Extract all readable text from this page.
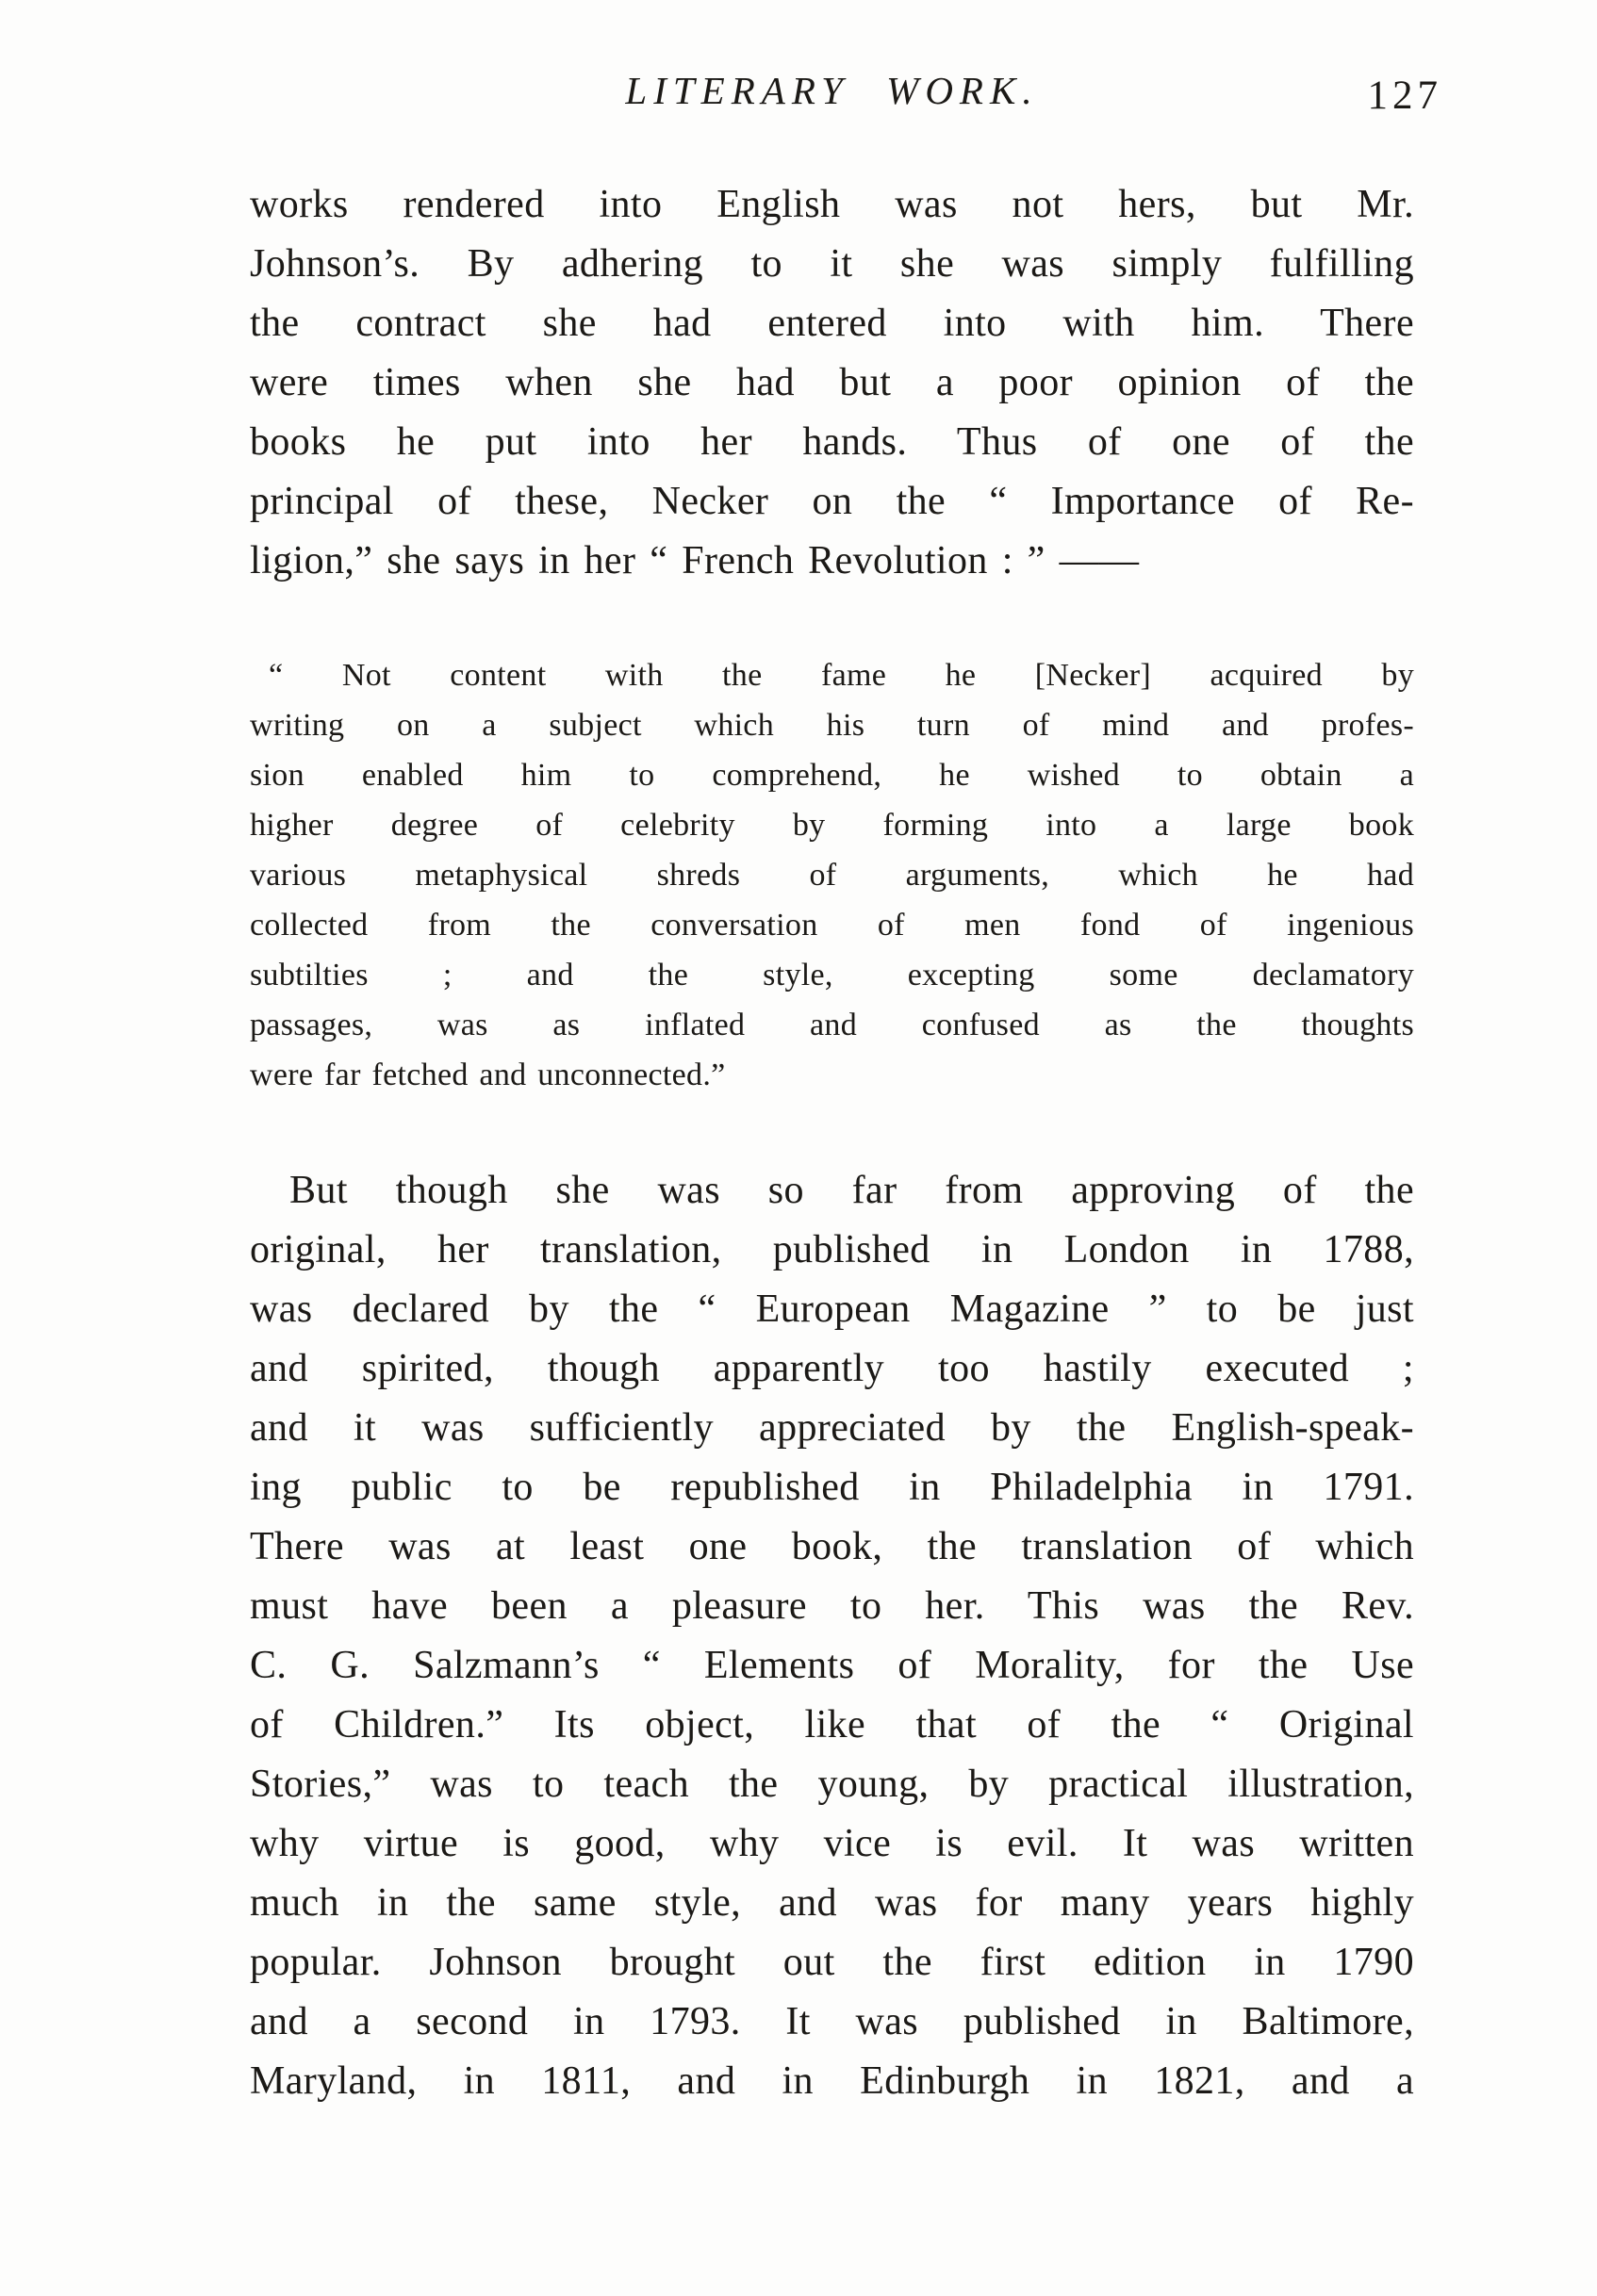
LITERARY WORK.	127
works rendered into English was not hers, but Mr.
Johnson’s. By adhering to it she was simply fulfilling
the contract she had entered into with him. There
were times when she had but a poor opinion of the
books he put into her hands. Thus of one of the
principal of these, Necker on the “ Importance of Re-
ligion,” she says in her “ French Revolution : ” ——
“ Not content with the fame he [Necker] acquired by
writing on a subject which his turn of mind and profes-
sion enabled him to comprehend, he wished to obtain a
higher degree of celebrity by forming into a large book
various metaphysical shreds of arguments, which he had
collected from the conversation of men fond of ingenious
subtilties ; and the style, excepting some declamatory
passages, was as inflated and confused as the thoughts
were far fetched and unconnected.”
But though she was so far from approving of the
original, her translation, published in London in 1788,
was declared by the “ European Magazine ” to be just
and spirited, though apparently too hastily executed ;
and it was sufficiently appreciated by the English-speak-
ing public to be republished in Philadelphia in 1791.
There was at least one book, the translation of which
must have been a pleasure to her. This was the Rev.
C. G. Salzmann’s “ Elements of Morality, for the Use
of Children.” Its object, like that of the “ Original
Stories,” was to teach the young, by practical illustration,
why virtue is good, why vice is evil. It was written
much in the same style, and was for many years highly
popular. Johnson brought out the first edition in 1790
and a second in 1793. It was published in Baltimore,
Maryland, in 1811, and in Edinburgh in 1821, and a
